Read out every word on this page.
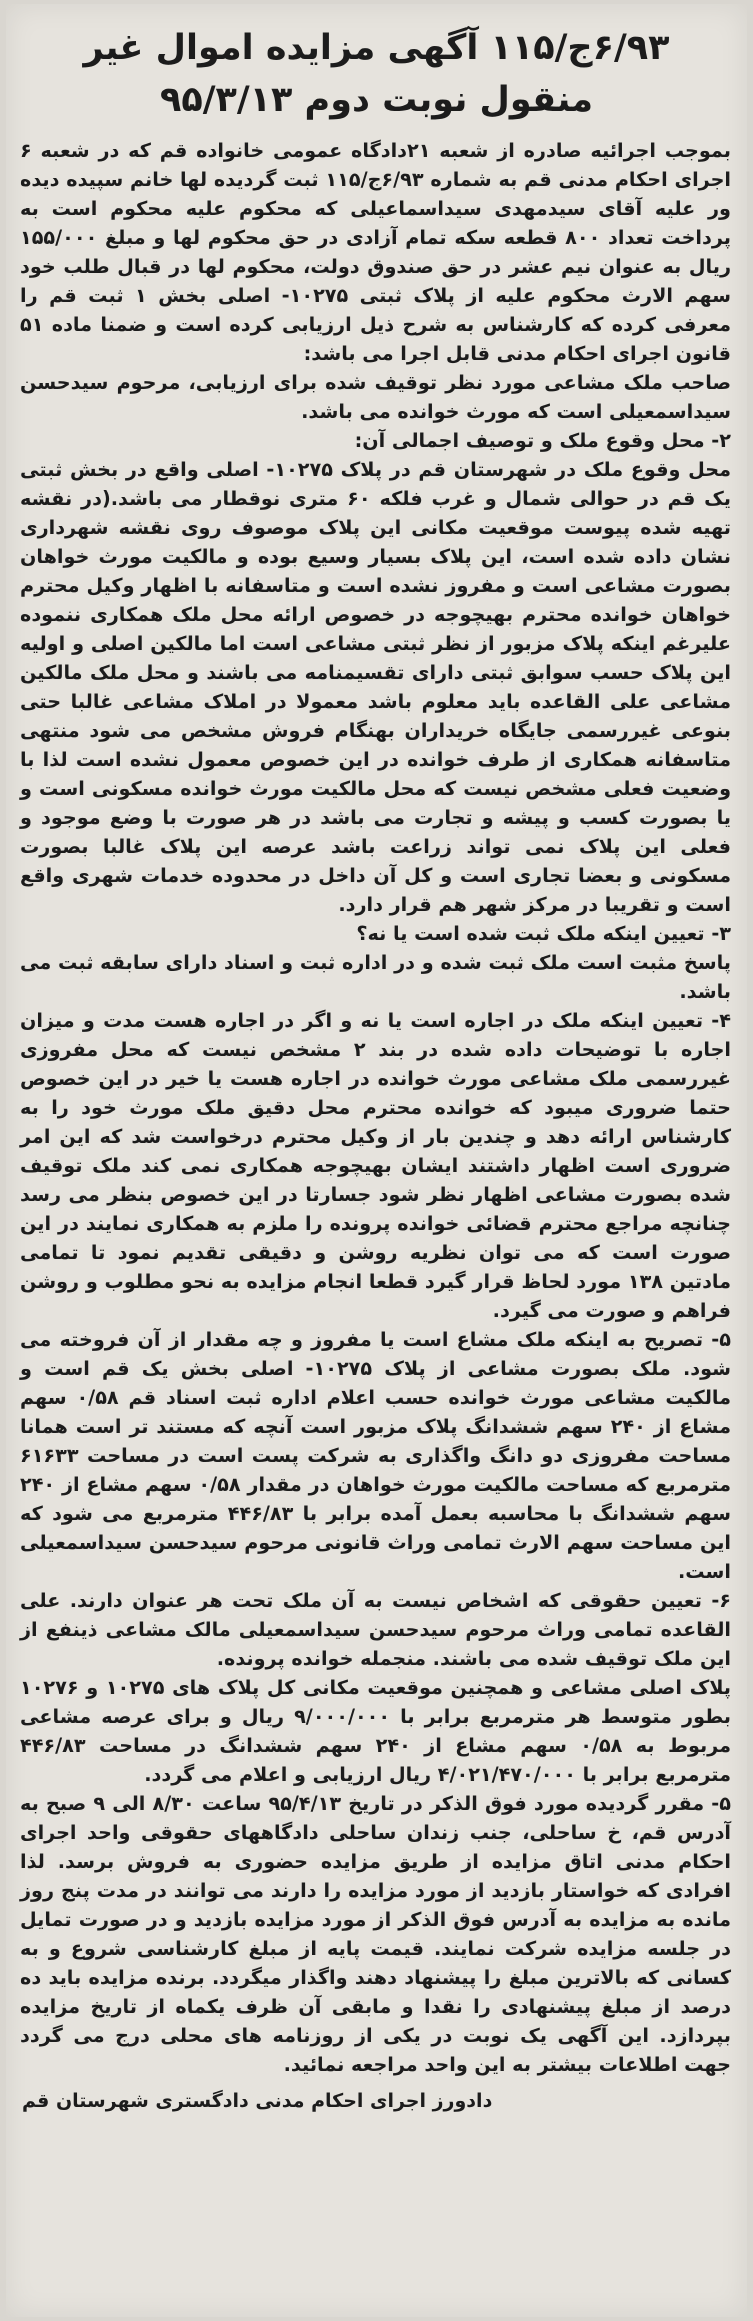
۶/۹۳ج/۱۱۵ آگهی مزایده اموال غیر
منقول نوبت دوم ۹۵/۳/۱۳

بموجب اجرائیه صادره از شعبه ۲۱دادگاه عمومی خانواده قم که در شعبه ۶ اجرای احکام مدنی قم به شماره ۶/۹۳ج/۱۱۵ ثبت گردیده لها خانم سپیده دیده ور علیه آقای سیدمهدی سیداسماعیلی که محکوم علیه محکوم است به پرداخت تعداد ۸۰۰ قطعه سکه تمام آزادی در حق محکوم لها و مبلغ ۱۵۵/۰۰۰ ریال به عنوان نیم عشر در حق صندوق دولت، محکوم لها در قبال طلب خود سهم الارث محکوم علیه از پلاک ثبتی ۱۰۲۷۵- اصلی بخش ۱ ثبت قم را معرفی کرده که کارشناس به شرح ذیل ارزیابی کرده است و ضمنا ماده ۵۱ قانون اجرای احکام مدنی قابل اجرا می باشد:

صاحب ملک مشاعی مورد نظر توقیف شده برای ارزیابی، مرحوم سیدحسن سیداسمعیلی است که مورث خوانده می باشد.

۲- محل وقوع ملک و توصیف اجمالی آن:

محل وقوع ملک در شهرستان قم در پلاک ۱۰۲۷۵- اصلی واقع در بخش ثبتی یک قم در حوالی شمال و غرب فلکه ۶۰ متری نوقطار می باشد.(در نقشه تهیه شده پیوست موقعیت مکانی این پلاک موصوف روی نقشه شهرداری نشان داده شده است، این پلاک بسیار وسیع بوده و مالکیت مورث خواهان بصورت مشاعی است و مفروز نشده است و متاسفانه با اظهار وکیل محترم خواهان خوانده محترم بهیچوجه در خصوص ارائه محل ملک همکاری ننموده علیرغم اینکه پلاک مزبور از نظر ثبتی مشاعی است اما مالکین اصلی و اولیه این پلاک حسب سوابق ثبتی دارای تقسیمنامه می باشند و محل ملک مالکین مشاعی علی القاعده باید معلوم باشد معمولا در املاک مشاعی غالبا حتی بنوعی غیررسمی جایگاه خریداران بهنگام فروش مشخص می شود منتهی متاسفانه همکاری از طرف خوانده در این خصوص معمول نشده است لذا با وضعیت فعلی مشخص نیست که محل مالکیت مورث خوانده مسکونی است و یا بصورت کسب و پیشه و تجارت می باشد در هر صورت با وضع موجود و فعلی این پلاک نمی تواند زراعت باشد عرصه این پلاک غالبا بصورت مسکونی و بعضا تجاری است و کل آن داخل در محدوده خدمات شهری واقع است و تقریبا در مرکز شهر هم قرار دارد.

۳- تعیین اینکه ملک ثبت شده است یا نه؟

پاسخ مثبت است ملک ثبت شده و در اداره ثبت و اسناد دارای سابقه ثبت می باشد.

۴- تعیین اینکه ملک در اجاره است یا نه و اگر در اجاره هست مدت و میزان اجاره با توضیحات داده شده در بند ۲ مشخص نیست که محل مفروزی غیررسمی ملک مشاعی مورث خوانده در اجاره هست یا خیر در این خصوص حتما ضروری میبود که خوانده محترم محل دقیق ملک مورث خود را به کارشناس ارائه دهد و چندین بار از وکیل محترم درخواست شد که این امر ضروری است اظهار داشتند ایشان بهیچوجه همکاری نمی کند ملک توقیف شده بصورت مشاعی اظهار نظر شود جسارتا در این خصوص بنظر می رسد چنانچه مراجع محترم قضائی خوانده پرونده را ملزم به همکاری نمایند در این صورت است که می توان نظریه روشن و دقیقی تقدیم نمود تا تمامی مادتین ۱۳۸ مورد لحاظ قرار گیرد قطعا انجام مزایده به نحو مطلوب و روشن فراهم و صورت می گیرد.

۵- تصریح به اینکه ملک مشاع است یا مفروز و چه مقدار از آن فروخته می شود. ملک بصورت مشاعی از پلاک ۱۰۲۷۵- اصلی بخش یک قم است و مالکیت مشاعی مورث خوانده حسب اعلام اداره ثبت اسناد قم ۰/۵۸ سهم مشاع از ۲۴۰ سهم ششدانگ پلاک مزبور است آنچه که مستند تر است همانا مساحت مفروزی دو دانگ واگذاری به شرکت پست است در مساحت ۶۱۶۳۳ مترمربع که مساحت مالکیت مورث خواهان در مقدار ۰/۵۸ سهم مشاع از ۲۴۰ سهم ششدانگ با محاسبه بعمل آمده برابر با ۴۴۶/۸۳ مترمربع می شود که این مساحت سهم الارث تمامی وراث قانونی مرحوم سیدحسن سیداسمعیلی است.

۶- تعیین حقوقی که اشخاص نیست به آن ملک تحت هر عنوان دارند. علی القاعده تمامی وراث مرحوم سیدحسن سیداسمعیلی مالک مشاعی ذینفع از این ملک توقیف شده می باشند. منجمله خوانده پرونده.

پلاک اصلی مشاعی و همچنین موقعیت مکانی کل پلاک های ۱۰۲۷۵ و ۱۰۲۷۶ بطور متوسط هر مترمربع برابر با ۹/۰۰۰/۰۰۰ ریال و برای عرصه مشاعی مربوط به ۰/۵۸ سهم مشاع از ۲۴۰ سهم ششدانگ در مساحت ۴۴۶/۸۳ مترمربع برابر با ۴/۰۲۱/۴۷۰/۰۰۰ ریال ارزیابی و اعلام می گردد.

۵- مقرر گردیده مورد فوق الذکر در تاریخ ۹۵/۴/۱۳ ساعت ۸/۳۰ الی ۹ صبح به آدرس قم، خ ساحلی، جنب زندان ساحلی دادگاههای حقوقی واحد اجرای احکام مدنی اتاق مزایده از طریق مزایده حضوری به فروش برسد. لذا افرادی که خواستار بازدید از مورد مزایده را دارند می توانند در مدت پنج روز مانده به مزایده به آدرس فوق الذکر از مورد مزایده بازدید و در صورت تمایل در جلسه مزایده شرکت نمایند. قیمت پایه از مبلغ کارشناسی شروع و به کسانی که بالاترین مبلغ را پیشنهاد دهند واگذار میگردد. برنده مزایده باید ده درصد از مبلغ پیشنهادی را نقدا و مابقی آن ظرف یکماه از تاریخ مزایده بپردازد. این آگهی یک نوبت در یکی از روزنامه های محلی درج می گردد جهت اطلاعات بیشتر به این واحد مراجعه نمائید.

دادورز اجرای احکام مدنی دادگستری شهرستان قم
